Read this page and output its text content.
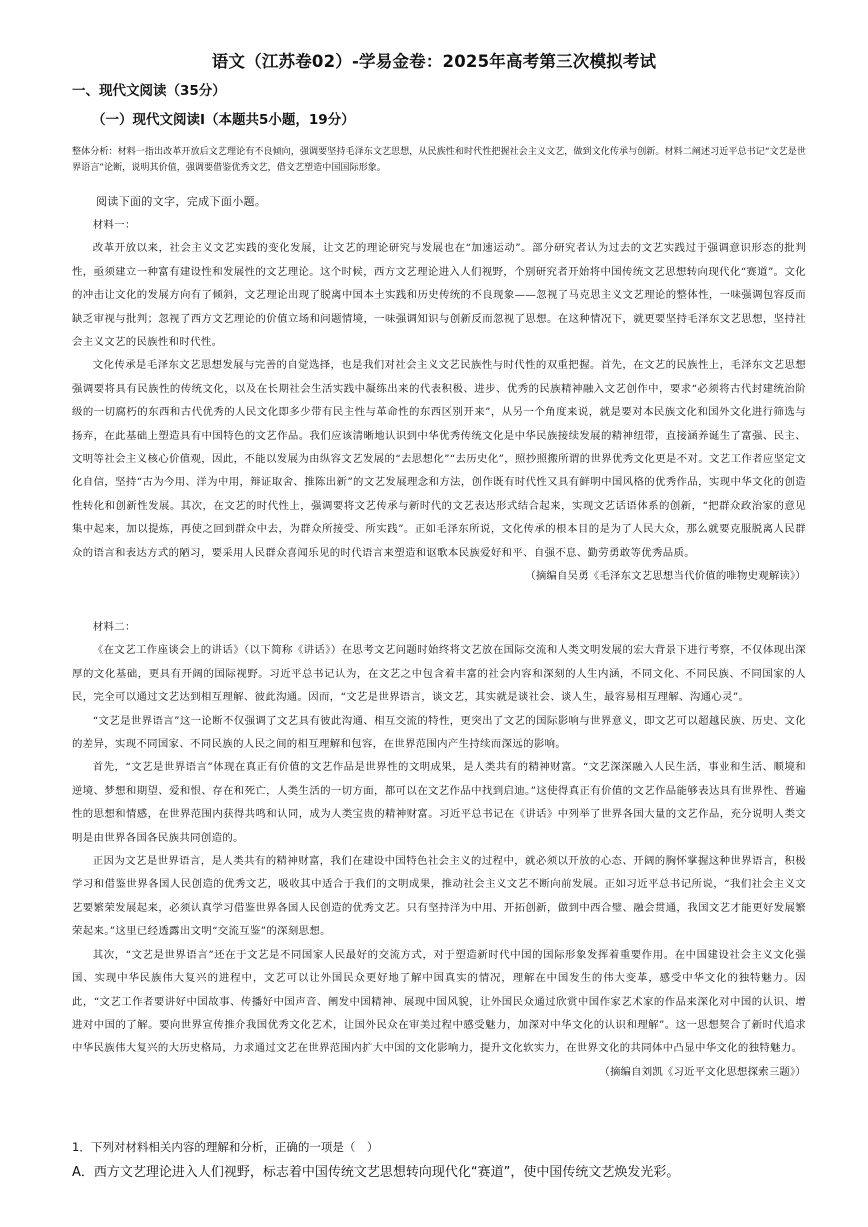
语文（江苏卷02）-学易金卷：2025年高考第三次模拟考试
一、现代文阅读（35分）
（一）现代文阅读Ⅰ（本题共5小题，19分）
整体分析：材料一指出改革开放后文艺理论有不良倾向，强调要坚持毛泽东文艺思想，从民族性和时代性把握社会主义文艺，做到文化传承与创新。材料二阐述习近平总书记“文艺是世界语言”论断，说明其价值，强调要借鉴优秀文艺，借文艺塑造中国国际形象。
阅读下面的文字，完成下面小题。

材料一：

改革开放以来，社会主义文艺实践的变化发展，让文艺的理论研究与发展也在“加速运动”。部分研究者认为过去的文艺实践过于强调意识形态的批判性，亟须建立一种富有建设性和发展性的文艺理论。这个时候，西方文艺理论进入人们视野，个别研究者开始将中国传统文艺思想转向现代化“赛道”。文化的冲击让文化的发展方向有了倾斜，文艺理论出现了脱离中国本土实践和历史传统的不良现象——忽视了马克思主义文艺理论的整体性，一味强调包容反而缺乏审视与批判；忽视了西方文艺理论的价值立场和问题情境，一味强调知识与创新反而忽视了思想。在这种情况下，就更要坚持毛泽东文艺思想，坚持社会主义文艺的民族性和时代性。

文化传承是毛泽东文艺思想发展与完善的自觉选择，也是我们对社会主义文艺民族性与时代性的双重把握。首先，在文艺的民族性上，毛泽东文艺思想强调要将具有民族性的传统文化，以及在长期社会生活实践中凝练出来的代表积极、进步、优秀的民族精神融入文艺创作中，要求“必须将古代封建统治阶级的一切腐朽的东西和古代优秀的人民文化即多少带有民主性与革命性的东西区别开来”，从另一个角度来说，就是要对本民族文化和国外文化进行筛选与扬弃，在此基础上塑造具有中国特色的文艺作品。我们应该清晰地认识到中华优秀传统文化是中华民族接续发展的精神纽带，直接涵养诞生了富强、民主、文明等社会主义核心价值观，因此，不能以发展为由纵容文艺发展的“去思想化”“去历史化”，照抄照搬所谓的世界优秀文化更是不对。文艺工作者应坚定文化自信，坚持“古为今用、洋为中用，辩证取舍、推陈出新”的文艺发展理念和方法，创作既有时代性又具有鲜明中国风格的优秀作品，实现中华文化的创造性转化和创新性发展。其次，在文艺的时代性上，强调要将文艺传承与新时代的文艺表达形式结合起来，实现文艺话语体系的创新，“把群众政治家的意见集中起来，加以提炼，再使之回到群众中去，为群众所接受、所实践”。正如毛泽东所说，文化传承的根本目的是为了人民大众，那么就要克服脱离人民群众的语言和表达方式的陋习，要采用人民群众喜闻乐见的时代语言来塑造和讴歌本民族爱好和平、自强不息、勤劳勇敢等优秀品质。

（摘编自吴勇《毛泽东文艺思想当代价值的唯物史观解读》）

材料二：

《在文艺工作座谈会上的讲话》（以下简称《讲话》）在思考文艺问题时始终将文艺放在国际交流和人类文明发展的宏大背景下进行考察，不仅体现出深厚的文化基础，更具有开阔的国际视野。习近平总书记认为，在文艺之中包含着丰富的社会内容和深刻的人生内涵，不同文化、不同民族、不同国家的人民，完全可以通过文艺达到相互理解、彼此沟通。因而，“文艺是世界语言，谈文艺，其实就是谈社会、谈人生，最容易相互理解、沟通心灵”。

“文艺是世界语言”这一论断不仅强调了文艺具有彼此沟通、相互交流的特性，更突出了文艺的国际影响与世界意义，即文艺可以超越民族、历史、文化的差异，实现不同国家、不同民族的人民之间的相互理解和包容，在世界范围内产生持续而深远的影响。

首先，“文艺是世界语言”体现在真正有价值的文艺作品是世界性的文明成果，是人类共有的精神财富。“文艺深深融入人民生活，事业和生活、顺境和逆境、梦想和期望、爱和恨、存在和死亡，人类生活的一切方面，都可以在文艺作品中找到启迪。”这使得真正有价值的文艺作品能够表达具有世界性、普遍性的思想和情感，在世界范围内获得共鸣和认同，成为人类宝贵的精神财富。习近平总书记在《讲话》中列举了世界各国大量的文艺作品，充分说明人类文明是由世界各国各民族共同创造的。

正因为文艺是世界语言，是人类共有的精神财富，我们在建设中国特色社会主义的过程中，就必须以开放的心态、开阔的胸怀掌握这种世界语言，积极学习和借鉴世界各国人民创造的优秀文艺，吸收其中适合于我们的文明成果，推动社会主义文艺不断向前发展。正如习近平总书记所说，“我们社会主义文艺要繁荣发展起来，必须认真学习借鉴世界各国人民创造的优秀文艺。只有坚持洋为中用、开拓创新，做到中西合璧、融会贯通，我国文艺才能更好发展繁荣起来。”这里已经透露出文明“交流互鉴”的深刻思想。

其次，“文艺是世界语言”还在于文艺是不同国家人民最好的交流方式，对于塑造新时代中国的国际形象发挥着重要作用。在中国建设社会主义文化强国、实现中华民族伟大复兴的进程中，文艺可以让外国民众更好地了解中国真实的情况，理解在中国发生的伟大变革，感受中华文化的独特魅力。因此，“文艺工作者要讲好中国故事、传播好中国声音、阐发中国精神、展现中国风貌，让外国民众通过欣赏中国作家艺术家的作品来深化对中国的认识、增进对中国的了解。要向世界宣传推介我国优秀文化艺术，让国外民众在审美过程中感受魅力，加深对中华文化的认识和理解”。这一思想契合了新时代追求中华民族伟大复兴的大历史格局，力求通过文艺在世界范围内扩大中国的文化影响力，提升文化软实力，在世界文化的共同体中凸显中华文化的独特魅力。

（摘编自刘凯《习近平文化思想探索三题》）

1．下列对材料相关内容的理解和分析，正确的一项是（　）
A．西方文艺理论进入人们视野，标志着中国传统文艺思想转向现代化“赛道”，使中国传统文艺焕发光彩。
